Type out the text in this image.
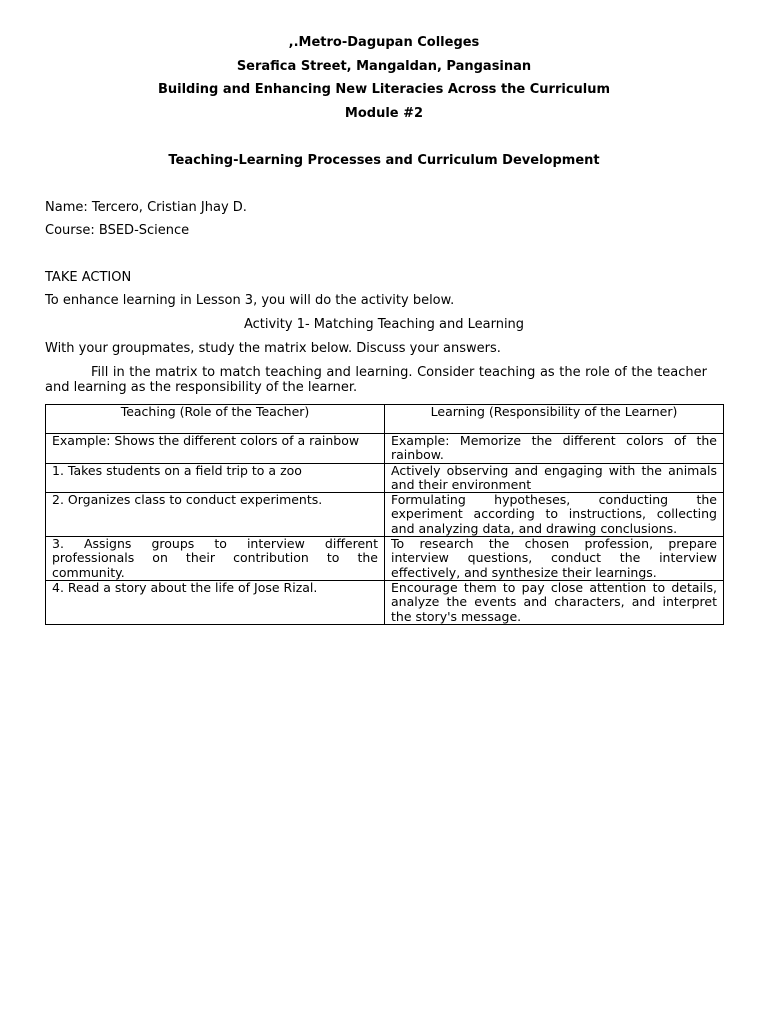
,.Metro-Dagupan Colleges
Serafica Street, Mangaldan, Pangasinan
Building and Enhancing New Literacies Across the Curriculum
Module #2
Teaching-Learning Processes and Curriculum Development
Name: Tercero, Cristian Jhay D.
Course: BSED-Science
TAKE ACTION
To enhance learning in Lesson 3, you will do the activity below.
Activity 1- Matching Teaching and Learning
With your groupmates, study the matrix below. Discuss your answers.
Fill in the matrix to match teaching and learning. Consider teaching as the role of the teacher and learning as the responsibility of the learner.
Teaching (Role of the Teacher)	Learning (Responsibility of the Learner)
Example: Shows the different colors of a rainbow	Example: Memorize the different colors of the rainbow.
1. Takes students on a field trip to a zoo	Actively observing and engaging with the animals and their environment
2. Organizes class to conduct experiments.	Formulating hypotheses, conducting the experiment according to instructions, collecting and analyzing data, and drawing conclusions.
3. Assigns groups to interview different professionals on their contribution to the community.	To research the chosen profession, prepare interview questions, conduct the interview effectively, and synthesize their learnings.
4. Read a story about the life of Jose Rizal.	Encourage them to pay close attention to details, analyze the events and characters, and interpret the story's message.
